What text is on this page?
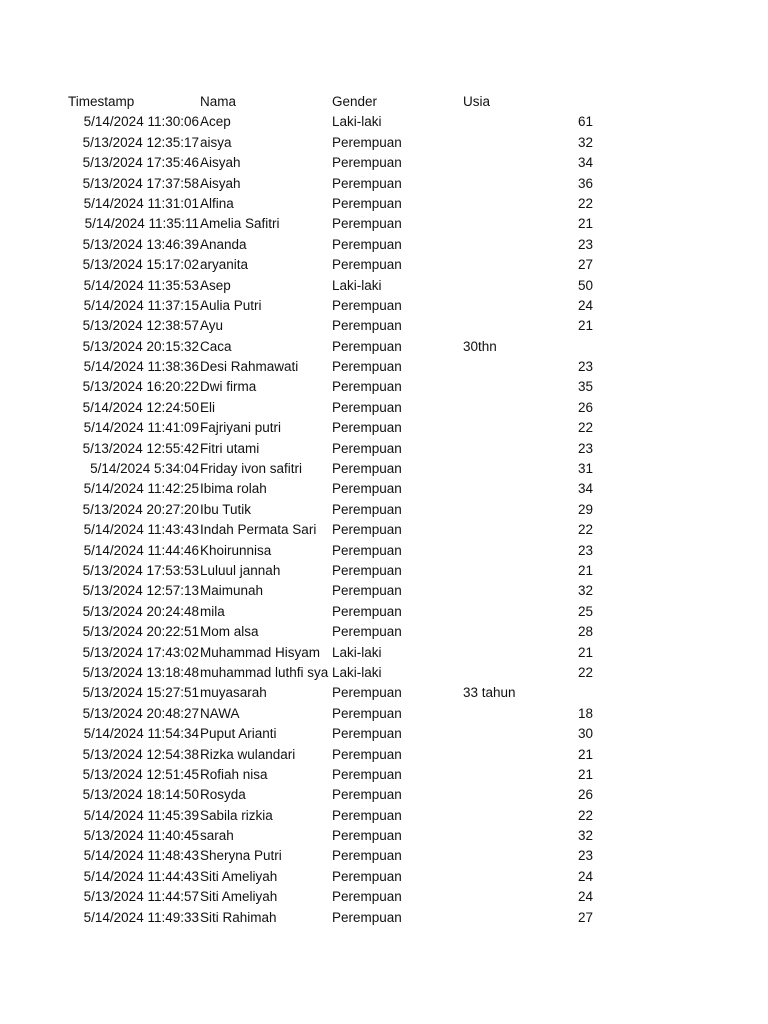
Timestamp	Nama	Gender	Usia
5/14/2024 11:30:06 Acep	Laki-laki	61
5/13/2024 12:35:17 aisya	Perempuan	32
5/13/2024 17:35:46 Aisyah	Perempuan	34
5/13/2024 17:37:58 Aisyah	Perempuan	36
5/14/2024 11:31:01 Alfina	Perempuan	22
5/14/2024 11:35:11 Amelia Safitri	Perempuan	21
5/13/2024 13:46:39 Ananda	Perempuan	23
5/13/2024 15:17:02 aryanita	Perempuan	27
5/14/2024 11:35:53 Asep	Laki-laki	50
5/14/2024 11:37:15 Aulia Putri	Perempuan	24
5/13/2024 12:38:57 Ayu	Perempuan	21
5/13/2024 20:15:32 Caca	Perempuan	30thn
5/14/2024 11:38:36 Desi Rahmawati	Perempuan	23
5/13/2024 16:20:22 Dwi firma	Perempuan	35
5/14/2024 12:24:50 Eli	Perempuan	26
5/14/2024 11:41:09 Fajriyani putri	Perempuan	22
5/13/2024 12:55:42 Fitri utami	Perempuan	23
5/14/2024 5:34:04 Friday ivon safitri	Perempuan	31
5/14/2024 11:42:25 Ibima rolah	Perempuan	34
5/13/2024 20:27:20 Ibu Tutik	Perempuan	29
5/14/2024 11:43:43 Indah Permata Sari	Perempuan	22
5/14/2024 11:44:46 Khoirunnisa	Perempuan	23
5/13/2024 17:53:53 Luluul jannah	Perempuan	21
5/13/2024 12:57:13 Maimunah	Perempuan	32
5/13/2024 20:24:48 mila	Perempuan	25
5/13/2024 20:22:51 Mom alsa	Perempuan	28
5/13/2024 17:43:02 Muhammad Hisyam Laki-laki	21
5/13/2024 13:18:48 muhammad luthfi sya Laki-laki	22
5/13/2024 15:27:51 muyasarah	Perempuan	33 tahun
5/13/2024 20:48:27 NAWA	Perempuan	18
5/14/2024 11:54:34 Puput Arianti	Perempuan	30
5/13/2024 12:54:38 Rizka wulandari	Perempuan	21
5/13/2024 12:51:45 Rofiah nisa	Perempuan	21
5/13/2024 18:14:50 Rosyda	Perempuan	26
5/14/2024 11:45:39 Sabila rizkia	Perempuan	22
5/13/2024 11:40:45 sarah	Perempuan	32
5/14/2024 11:48:43 Sheryna Putri	Perempuan	23
5/14/2024 11:44:43 Siti Ameliyah	Perempuan	24
5/13/2024 11:44:57 Siti Ameliyah	Perempuan	24
5/14/2024 11:49:33 Siti Rahimah	Perempuan	27
